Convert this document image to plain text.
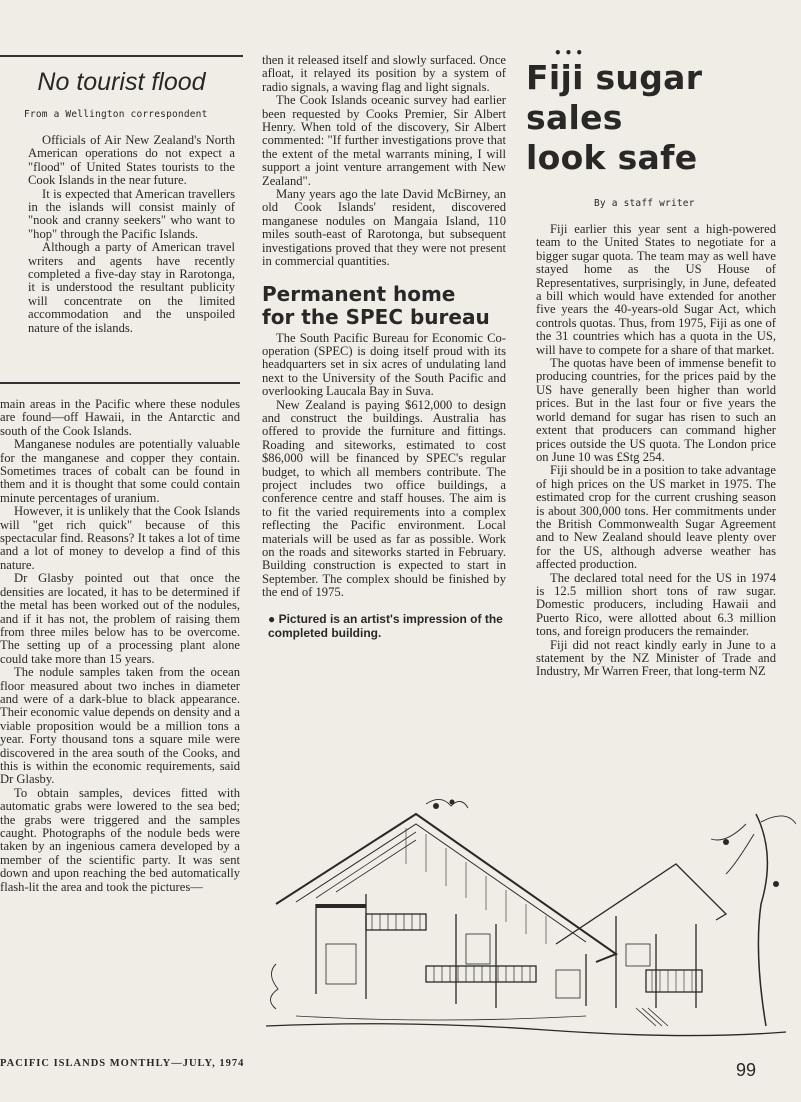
No tourist flood
From a Wellington correspondent

Officials of Air New Zealand's North American operations do not expect a "flood" of United States tourists to the Cook Islands in the near future.

It is expected that American travellers in the islands will consist mainly of "nook and cranny seekers" who want to "hop" through the Pacific Islands.

Although a party of American travel writers and agents have recently completed a five-day stay in Rarotonga, it is understood the resultant publicity will concentrate on the limited accommodation and the unspoiled nature of the islands.

main areas in the Pacific where these nodules are found—off Hawaii, in the Antarctic and south of the Cook Islands.

Manganese nodules are potentially valuable for the manganese and copper they contain. Sometimes traces of cobalt can be found in them and it is thought that some could contain minute percentages of uranium.

However, it is unlikely that the Cook Islands will "get rich quick" because of this spectacular find. Reasons? It takes a lot of time and a lot of money to develop a find of this nature.

Dr Glasby pointed out that once the densities are located, it has to be determined if the metal has been worked out of the nodules, and if it has not, the problem of raising them from three miles below has to be overcome. The setting up of a processing plant alone could take more than 15 years.

The nodule samples taken from the ocean floor measured about two inches in diameter and were of a dark-blue to black appearance. Their economic value depends on density and a viable proposition would be a million tons a year. Forty thousand tons a square mile were discovered in the area south of the Cooks, and this is within the economic requirements, said Dr Glasby.

To obtain samples, devices fitted with automatic grabs were lowered to the sea bed; the grabs were triggered and the samples caught. Photographs of the nodule beds were taken by an ingenious camera developed by a member of the scientific party. It was sent down and upon reaching the bed automatically flash-lit the area and took the pictures—

then it released itself and slowly surfaced. Once afloat, it relayed its position by a system of radio signals, a waving flag and light signals.

The Cook Islands oceanic survey had earlier been requested by Cooks Premier, Sir Albert Henry. When told of the discovery, Sir Albert commented: "If further investigations prove that the extent of the metal warrants mining, I will support a joint venture arrangement with New Zealand".

Many years ago the late David McBirney, an old Cook Islands' resident, discovered manganese nodules on Mangaia Island, 110 miles south-east of Rarotonga, but subsequent investigations proved that they were not present in commercial quantities.

Permanent home
for the SPEC bureau

The South Pacific Bureau for Economic Co-operation (SPEC) is doing itself proud with its headquarters set in six acres of undulating land next to the University of the South Pacific and overlooking Laucala Bay in Suva.

New Zealand is paying $612,000 to design and construct the buildings. Australia has offered to provide the furniture and fittings. Roading and siteworks, estimated to cost $86,000 will be financed by SPEC's regular budget, to which all members contribute. The project includes two office buildings, a conference centre and staff houses. The aim is to fit the varied requirements into a complex reflecting the Pacific environment. Local materials will be used as far as possible. Work on the roads and siteworks started in February. Building construction is expected to start in September. The complex should be finished by the end of 1975.

● Pictured is an artist's impression of the completed building.
•••
Fiji sugar sales
look safe
By a staff writer

Fiji earlier this year sent a high-powered team to the United States to negotiate for a bigger sugar quota. The team may as well have stayed home as the US House of Representatives, surprisingly, in June, defeated a bill which would have extended for another five years the 40-years-old Sugar Act, which controls quotas. Thus, from 1975, Fiji as one of the 31 countries which has a quota in the US, will have to compete for a share of that market.

The quotas have been of immense benefit to producing countries, for the prices paid by the US have generally been higher than world prices. But in the last four or five years the world demand for sugar has risen to such an extent that producers can command higher prices outside the US quota. The London price on June 10 was £Stg 254.

Fiji should be in a position to take advantage of high prices on the US market in 1975. The estimated crop for the current crushing season is about 300,000 tons. Her commitments under the British Commonwealth Sugar Agreement and to New Zealand should leave plenty over for the US, although adverse weather has affected production.

The declared total need for the US in 1974 is 12.5 million short tons of raw sugar. Domestic producers, including Hawaii and Puerto Rico, were allotted about 6.3 million tons, and foreign producers the remainder.

Fiji did not react kindly early in June to a statement by the NZ Minister of Trade and Industry, Mr Warren Freer, that long-term NZ

PACIFIC ISLANDS MONTHLY—JULY, 1974	99
